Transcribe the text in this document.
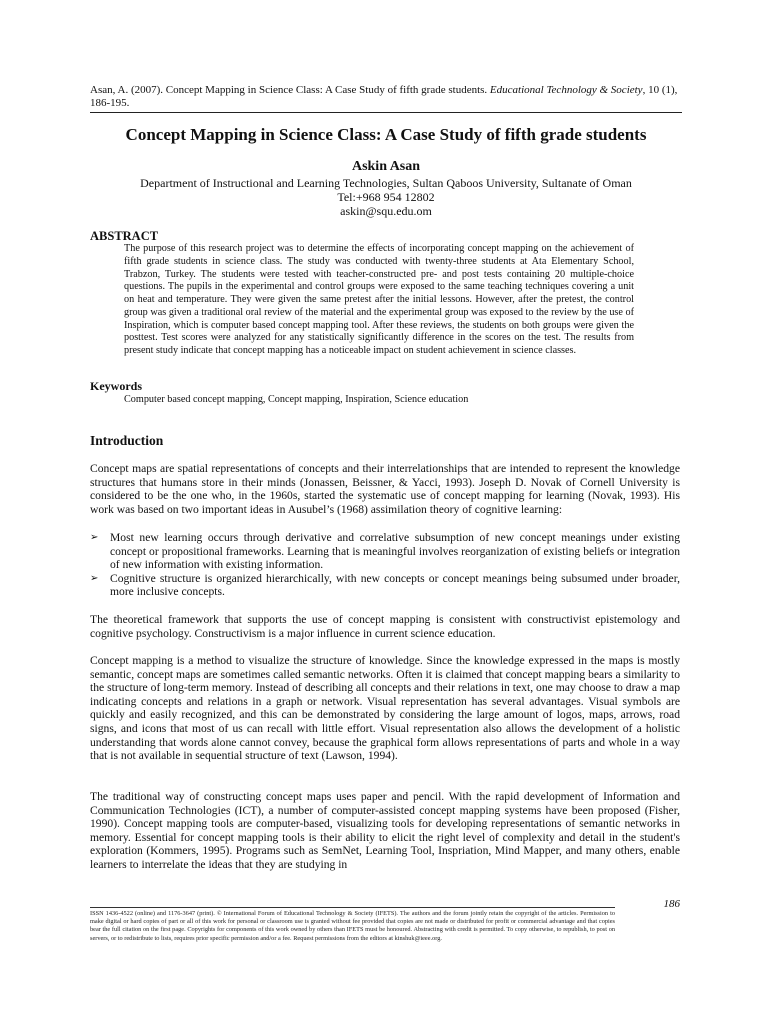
Asan, A. (2007). Concept Mapping in Science Class: A Case Study of fifth grade students. Educational Technology & Society, 10 (1), 186-195.
Concept Mapping in Science Class: A Case Study of fifth grade students
Askin Asan
Department of Instructional and Learning Technologies, Sultan Qaboos University, Sultanate of Oman
Tel:+968 954 12802
askin@squ.edu.om
ABSTRACT
The purpose of this research project was to determine the effects of incorporating concept mapping on the achievement of fifth grade students in science class. The study was conducted with twenty-three students at Ata Elementary School, Trabzon, Turkey. The students were tested with teacher-constructed pre- and post tests containing 20 multiple-choice questions. The pupils in the experimental and control groups were exposed to the same teaching techniques covering a unit on heat and temperature. They were given the same pretest after the initial lessons. However, after the pretest, the control group was given a traditional oral review of the material and the experimental group was exposed to the review by the use of Inspiration, which is computer based concept mapping tool. After these reviews, the students on both groups were given the posttest. Test scores were analyzed for any statistically significantly difference in the scores on the test. The results from present study indicate that concept mapping has a noticeable impact on student achievement in science classes.
Keywords
Computer based concept mapping, Concept mapping, Inspiration, Science education
Introduction
Concept maps are spatial representations of concepts and their interrelationships that are intended to represent the knowledge structures that humans store in their minds (Jonassen, Beissner, & Yacci, 1993). Joseph D. Novak of Cornell University is considered to be the one who, in the 1960s, started the systematic use of concept mapping for learning (Novak, 1993). His work was based on two important ideas in Ausubel’s (1968) assimilation theory of cognitive learning:
➢ Most new learning occurs through derivative and correlative subsumption of new concept meanings under existing concept or propositional frameworks. Learning that is meaningful involves reorganization of existing beliefs or integration of new information with existing information.
➢ Cognitive structure is organized hierarchically, with new concepts or concept meanings being subsumed under broader, more inclusive concepts.
The theoretical framework that supports the use of concept mapping is consistent with constructivist epistemology and cognitive psychology. Constructivism is a major influence in current science education.
Concept mapping is a method to visualize the structure of knowledge. Since the knowledge expressed in the maps is mostly semantic, concept maps are sometimes called semantic networks. Often it is claimed that concept mapping bears a similarity to the structure of long-term memory. Instead of describing all concepts and their relations in text, one may choose to draw a map indicating concepts and relations in a graph or network. Visual representation has several advantages. Visual symbols are quickly and easily recognized, and this can be demonstrated by considering the large amount of logos, maps, arrows, road signs, and icons that most of us can recall with little effort. Visual representation also allows the development of a holistic understanding that words alone cannot convey, because the graphical form allows representations of parts and whole in a way that is not available in sequential structure of text (Lawson, 1994).
The traditional way of constructing concept maps uses paper and pencil. With the rapid development of Information and Communication Technologies (ICT), a number of computer-assisted concept mapping systems have been proposed (Fisher, 1990). Concept mapping tools are computer-based, visualizing tools for developing representations of semantic networks in memory. Essential for concept mapping tools is their ability to elicit the right level of complexity and detail in the student's exploration (Kommers, 1995). Programs such as SemNet, Learning Tool, Inspriation, Mind Mapper, and many others, enable learners to interrelate the ideas that they are studying in
186
ISSN 1436-4522 (online) and 1176-3647 (print). © International Forum of Educational Technology & Society (IFETS). The authors and the forum jointly retain the copyright of the articles. Permission to make digital or hard copies of part or all of this work for personal or classroom use is granted without fee provided that copies are not made or distributed for profit or commercial advantage and that copies bear the full citation on the first page. Copyrights for components of this work owned by others than IFETS must be honoured. Abstracting with credit is permitted. To copy otherwise, to republish, to post on servers, or to redistribute to lists, requires prior specific permission and/or a fee. Request permissions from the editors at kinshuk@ieee.org.
